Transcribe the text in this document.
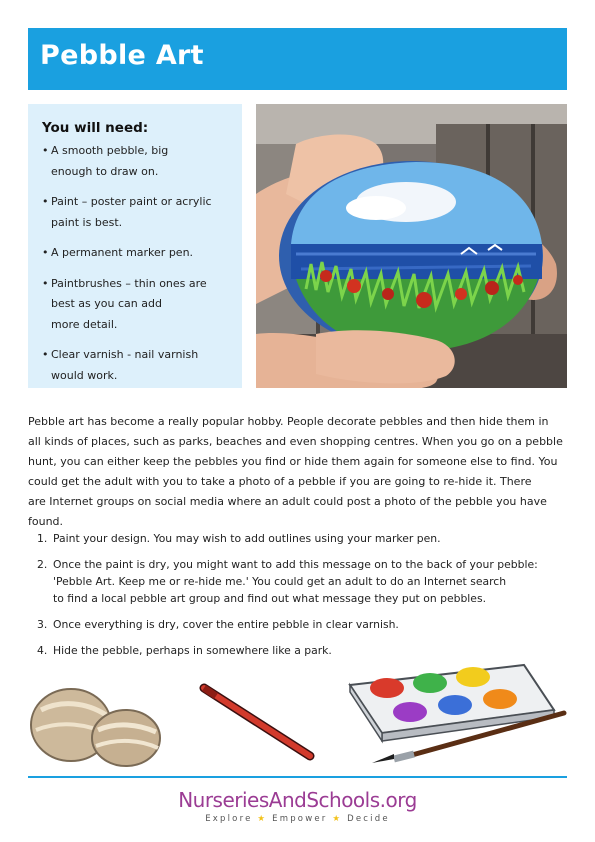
Pebble Art
You will need:
• A smooth pebble, big
enough to draw on.
• Paint – poster paint or acrylic
paint is best.
• A permanent marker pen.
• Paintbrushes – thin ones are
best as you can add
more detail.
• Clear varnish - nail varnish
would work.
Pebble art has become a really popular hobby. People decorate pebbles and then hide them in
all kinds of places, such as parks, beaches and even shopping centres. When you go on a pebble
hunt, you can either keep the pebbles you find or hide them again for someone else to find. You
could get the adult with you to take a photo of a pebble if you are going to re-hide it. There
are Internet groups on social media where an adult could post a photo of the pebble you have
found.
1. Paint your design. You may wish to add outlines using your marker pen.
2. Once the paint is dry, you might want to add this message on to the back of your pebble:
'Pebble Art. Keep me or re-hide me.' You could get an adult to do an Internet search
to find a local pebble art group and find out what message they put on pebbles.
3. Once everything is dry, cover the entire pebble in clear varnish.
4. Hide the pebble, perhaps in somewhere like a park.
NurseriesAndSchools.org
Explore ★ Empower ★ Decide
